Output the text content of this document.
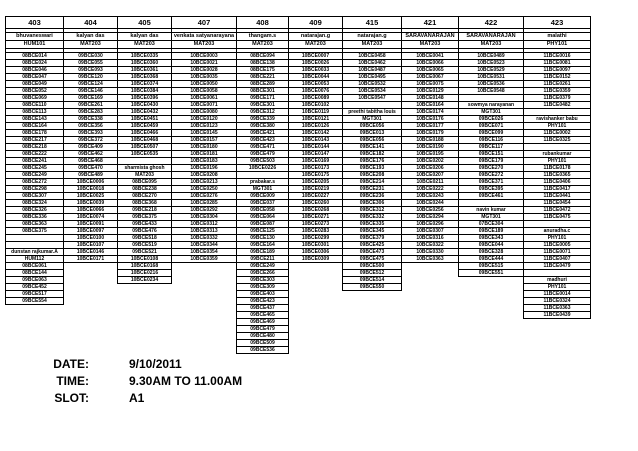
403	404	405	407	408	409	415	421	422	423

bhuvaneswari	kalyan das	kalyan das	venkata satyanarayana	thangam.s	natarajan.g	natarajan.g	SARAVANARAJAN	SARAVANARAJAN	malathi
HUM101	MAT203	MAT203	MAT203	MAT203	MAT203	MAT203	MAT203	MAT203	PHY101

08BCE014	09BCE030	10BCE0335	10BCE0003	08BCE094	10BCE0007	10BCE0458	10BCE0041	10BCE0489	11BCE0016
08BCE024	09BCE055	10BCE0360	10BCE0021	08BCE138	10BCE0026	10BCE0462	10BCE0066	10BCE0523	11BCE0081
08BCE046	09BCE093	10BCE0361	10BCE0028	08BCE175	10BCE0033	10BCE0487	10BCE0065	10BCE0529	11BCE0097
08BCE047	09BCE120	10BCE0368	10BCE0035	08BCE221	10BCE0044	10BCE0495	10BCE0067	10BCE0531	11BCE0152
08BCE049	09BCE124	10BCE0374	10BCE0050	08BCE289	10BCE0053	10BCE0532	10BCE0075	10BCE0536	11BCE0261
08BCE052	09BCE146	10BCE0384	10BCE0058	08BCE301	10BCE0076	10BCE0534	10BCE0129	10BCE0548	11BCE0359
08BCE069	09BCE169	10BCE0396	10BCE0061	09BCE171	10BCE0089	10BCE0547	10BCE0148		11BCE0379
08BCE110	09BCE261	10BCE0430	10BCE0071	09BCE301	10BCE0102		10BCE0164	sowmya narayanan	11BCE0482
08BCE113	09BCE283	10BCE0432	10BCE0080	09BCE312	10BCE0119	preethi tabitha louis	10BCE0174	MGT301	
08BCE143	09BCE338	10BCE0451	10BCE0120	09BCE339	10BCE0121	MGT301	10BCE0176	09BCE026	ravishanker babu
08BCE164	09BCE356	10BCE0459	10BCE0123	09BCE380	10BCE0126	09BCE056	10BCE0177	09BCE071	PHY101
08BCE178	09BCE393	10BCE0466	10BCE0145	09BCE421	10BCE0142	09BCE013	10BCE0179	09BCE099	11BCE0002
08BCE217	09BCE372	10BCE0468	10BCE0157	09BCE423	10BCE0143	09BCE056	10BCE0188	09BCE116	11BCE0325
08BCE218	09BCE409	10BCE0507	10BCE0180	09BCE471	10BCE0144	09BCE141	10BCE0190	09BCE117	
08BCE222	09BCE462	10BCE0535	10BCE0181	09BCE479	10BCE0147	09BCE182	10BCE0195	09BCE151	rubankumar
08BCE241	09BCE468		10BCE0183	09BCE503	10BCE0169	09BCE176	10BCE0202	09BCE179	PHY101
08BCE245	09BCE470	sharmista ghosh	10BCE0196	10BCE0226	10BCE0173	09BCE193	10BCE0206	09BCE270	11BCE0178
08BCE249	09BCE489	MAT203	10BCE0208		10BCE0175	09BCE208	10BCE0207	09BCE272	11BCE0365
08BCE272	10BCE0006	08BCE095	10BCE0213	prabakar.s	10BCE0205	09BCE214	10BCE0211	09BCE371	11BCE0406
08BCE298	10BCE0018	08BCE238	10BCE0250	MGT301	10BCE0219	09BCE231	10BCE0222	09BCE395	11BCE0417
08BCE307	10BCE0025	08BCE270	10BCE0276	09BCE009	10BCE0227	09BCE236	10BCE0243	09BCE461	11BCE0441
08BCE324	10BCE0039	08BCE368	10BCE0285	09BCE037	10BCE0260	09BCE306	10BCE0244		11BCE0454
08BCE326	10BCE0066	09BCE218	10BCE0292	09BCE058	10BCE0268	09BCE312	10BCE0256	navin kumar	11BCE0472
08BCE336	10BCE0074	09BCE375	10BCE0304	09BCE064	10BCE0271	09BCE332	10BCE0294	MGT301	11BCE0475
08BCE363	10BCE0091	09BCE433	10BCE0312	09BCE087	10BCE0273	09BCE335	10BCE0296	07BCE304	
08BCE375	10BCE0097	09BCE476	10BCE0313	09BCE125	10BCE0283	09BCE345	10BCE0307	09BCE189	anuradha.c
	10BCE0100	09BCE518	10BCE0332	09BCE130	10BCE0299	09BCE379	10BCE0316	09BCE343	PHY101
	10BCE0107	09BCE519	10BCE0344	09BCE164	10BCE0301	09BCE425	10BCE0322	09BCE044	11BCE0005
dunstan rajkumar.A	10BCE0146	09BCE521	10BCE0354	09BCE189	10BCE0306	09BCE473	10BCE0330	09BCE328	11BCE0071
HUM112	10BCE0171	10BCE0108	10BCE0359	09BCE211	10BCE0309	09BCE475	10BCE0363	09BCE444	11BCE0407
08BCE061		10BCE0168		09BCE249		09BCE500		09BCE515	11BCE0479
08BCE144		10BCE0216		09BCE266		09BCE512		09BCE551	
09BCE063		10BCE0234		09BCE303		09BCE514			madhuri
09BCE452				09BCE309		09BCE550			PHY101
09BCE517				09BCE403					11BCE0014
09BCE554				09BCE423					11BCE0324
				09BCE437					11BCE0363
				09BCE465					11BCE0439
				09BCE469					
				09BCE479					
				09BCE480					
				09BCE509					
				09BCE536					
DATE:	9/10/2011
TIME:	9.30AM TO 11.00AM
SLOT:	A1
